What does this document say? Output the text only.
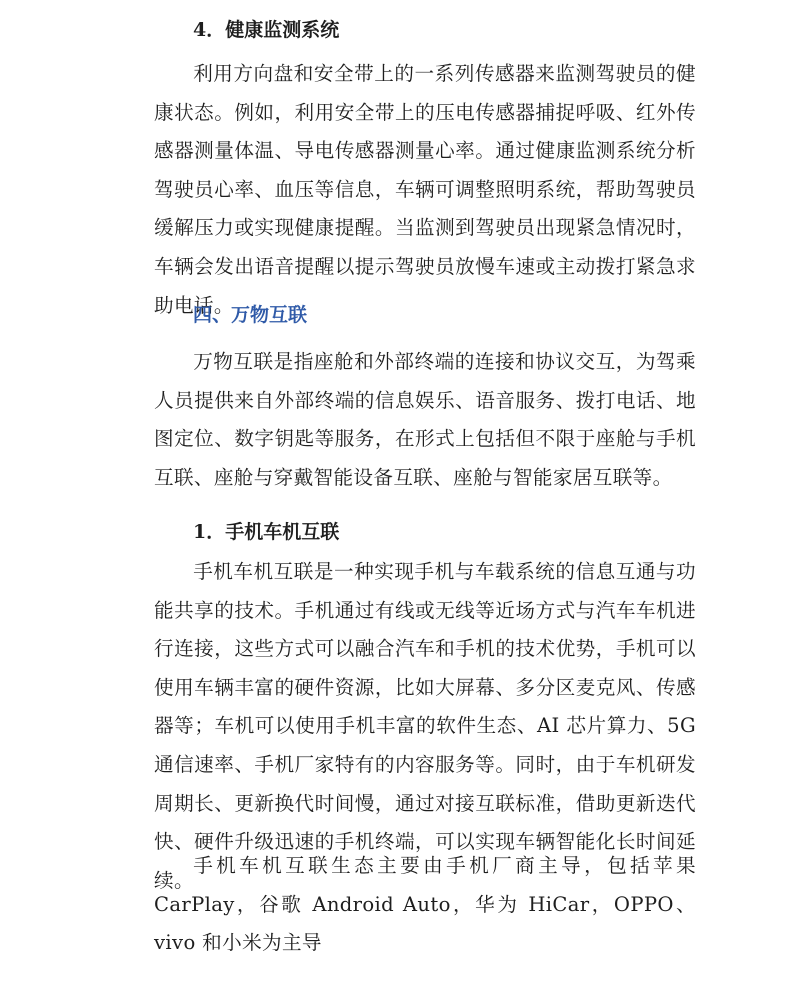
4．健康监测系统

利用方向盘和安全带上的一系列传感器来监测驾驶员的健康状态。例如，利用安全带上的压电传感器捕捉呼吸、红外传感器测量体温、导电传感器测量心率。通过健康监测系统分析驾驶员心率、血压等信息，车辆可调整照明系统，帮助驾驶员缓解压力或实现健康提醒。当监测到驾驶员出现紧急情况时，车辆会发出语音提醒以提示驾驶员放慢车速或主动拨打紧急求助电话。

四、万物互联

万物互联是指座舱和外部终端的连接和协议交互，为驾乘人员提供来自外部终端的信息娱乐、语音服务、拨打电话、地图定位、数字钥匙等服务，在形式上包括但不限于座舱与手机互联、座舱与穿戴智能设备互联、座舱与智能家居互联等。

1．手机车机互联

手机车机互联是一种实现手机与车载系统的信息互通与功能共享的技术。手机通过有线或无线等近场方式与汽车车机进行连接，这些方式可以融合汽车和手机的技术优势，手机可以使用车辆丰富的硬件资源，比如大屏幕、多分区麦克风、传感器等；车机可以使用手机丰富的软件生态、AI 芯片算力、5G 通信速率、手机厂家特有的内容服务等。同时，由于车机研发周期长、更新换代时间慢，通过对接互联标准，借助更新迭代快、硬件升级迅速的手机终端，可以实现车辆智能化长时间延续。

手机车机互联生态主要由手机厂商主导，包括苹果 CarPlay，谷歌 Android Auto，华为 HiCar，OPPO、vivo 和小米为主导
